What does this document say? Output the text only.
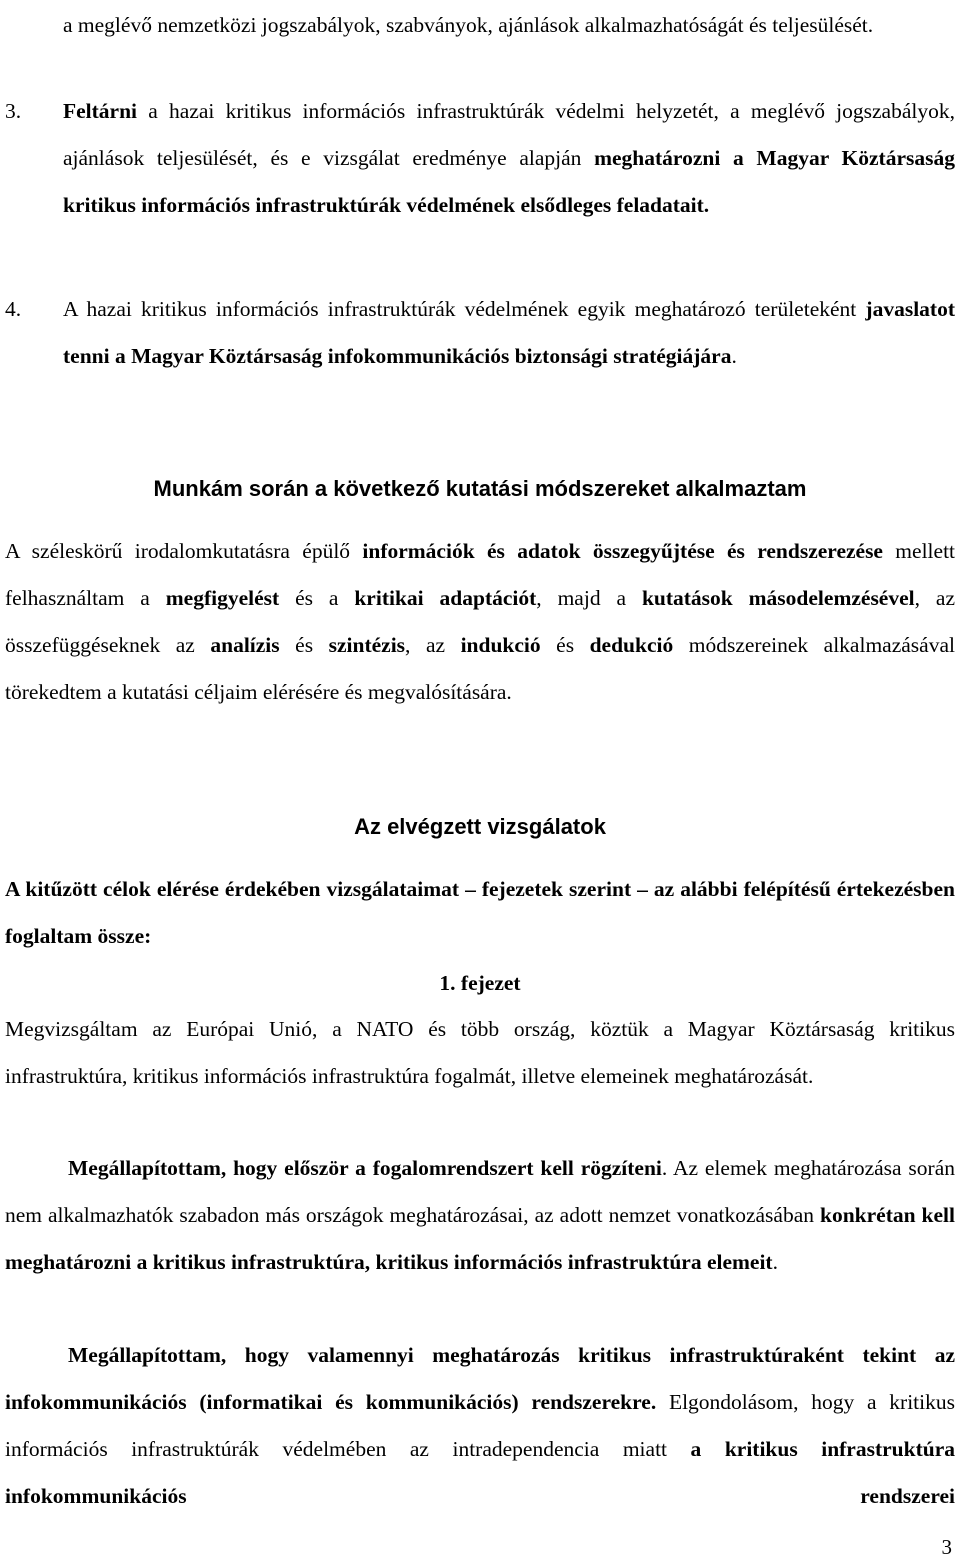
a meglévő nemzetközi jogszabályok, szabványok, ajánlások alkalmazhatóságát és teljesülését.

3. Feltárni a hazai kritikus információs infrastruktúrák védelmi helyzetét, a meglévő jogszabályok, ajánlások teljesülését, és e vizsgálat eredménye alapján meghatározni a Magyar Köztársaság kritikus információs infrastruktúrák védelmének elsődleges feladatait.

4. A hazai kritikus információs infrastruktúrák védelmének egyik meghatározó területeként javaslatot tenni a Magyar Köztársaság infokommunikációs biztonsági stratégiájára.

Munkám során a következő kutatási módszereket alkalmaztam

A széleskörű irodalomkutatásra épülő információk és adatok összegyűjtése és rendszerezése mellett felhasználtam a megfigyelést és a kritikai adaptációt, majd a kutatások másodelemzésével, az összefüggéseknek az analízis és szintézis, az indukció és dedukció módszereinek alkalmazásával törekedtem a kutatási céljaim elérésére és megvalósítására.

Az elvégzett vizsgálatok

A kitűzött célok elérése érdekében vizsgálataimat – fejezetek szerint – az alábbi felépítésű értekezésben foglaltam össze:

1. fejezet

Megvizsgáltam az Európai Unió, a NATO és több ország, köztük a Magyar Köztársaság kritikus infrastruktúra, kritikus információs infrastruktúra fogalmát, illetve elemeinek meghatározását.

Megállapítottam, hogy először a fogalomrendszert kell rögzíteni. Az elemek meghatározása során nem alkalmazhatók szabadon más országok meghatározásai, az adott nemzet vonatkozásában konkrétan kell meghatározni a kritikus infrastruktúra, kritikus információs infrastruktúra elemeit.

Megállapítottam, hogy valamennyi meghatározás kritikus infrastruktúraként tekint az infokommunikációs (informatikai és kommunikációs) rendszerekre. Elgondolásom, hogy a kritikus információs infrastruktúrák védelmében az intradependencia miatt a kritikus infrastruktúra infokommunikációs rendszerei

3
